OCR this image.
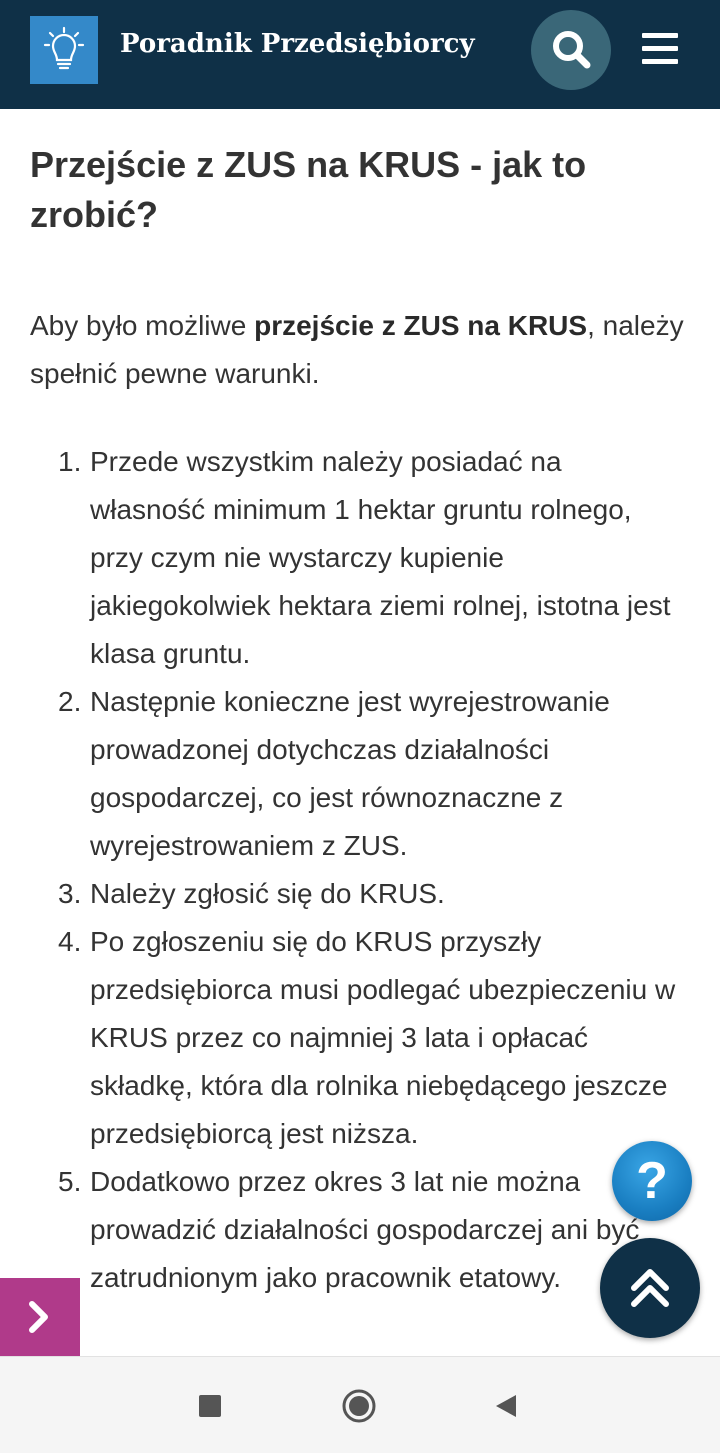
Poradnik Przedsiębiorcy
Przejście z ZUS na KRUS - jak to zrobić?

Aby było możliwe przejście z ZUS na KRUS, należy spełnić pewne warunki.

1. Przede wszystkim należy posiadać na własność minimum 1 hektar gruntu rolnego, przy czym nie wystarczy kupienie jakiegokolwiek hektara ziemi rolnej, istotna jest klasa gruntu.
2. Następnie konieczne jest wyrejestrowanie prowadzonej dotychczas działalności gospodarczej, co jest równoznaczne z wyrejestrowaniem z ZUS.
3. Należy zgłosić się do KRUS.
4. Po zgłoszeniu się do KRUS przyszły przedsiębiorca musi podlegać ubezpieczeniu w KRUS przez co najmniej 3 lata i opłacać składkę, która dla rolnika niebędącego jeszcze przedsiębiorcą jest niższa.
5. Dodatkowo przez okres 3 lat nie można prowadzić działalności gospodarczej ani być zatrudnionym jako pracownik etatowy.
?
